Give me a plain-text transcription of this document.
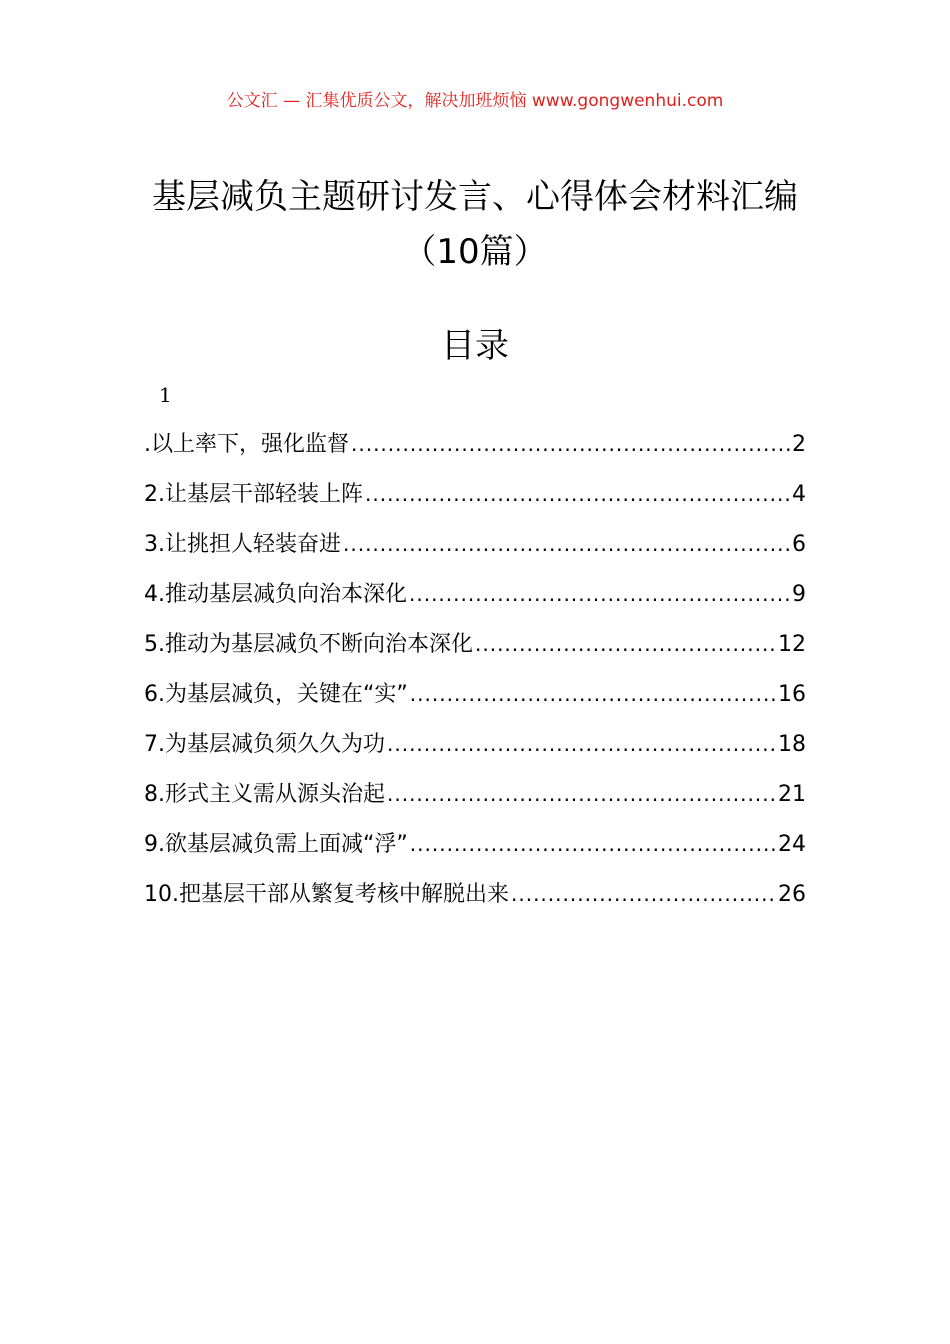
公文汇 — 汇集优质公文，解决加班烦恼 www.gongwenhui.com
基层减负主题研讨发言、心得体会材料汇编（10篇）
目录
1
.以上率下，强化监督 .....	2
2.让基层干部轻装上阵 .....	4
3.让挑担人轻装奋进 .....	6
4.推动基层减负向治本深化 .....	9
5.推动为基层减负不断向治本深化 .....	12
6.为基层减负，关键在“实” .....	16
7.为基层减负须久久为功 .....	18
8.形式主义需从源头治起 .....	21
9.欲基层减负需上面减“浮” .....	24
10.把基层干部从繁复考核中解脱出来 .....	26
